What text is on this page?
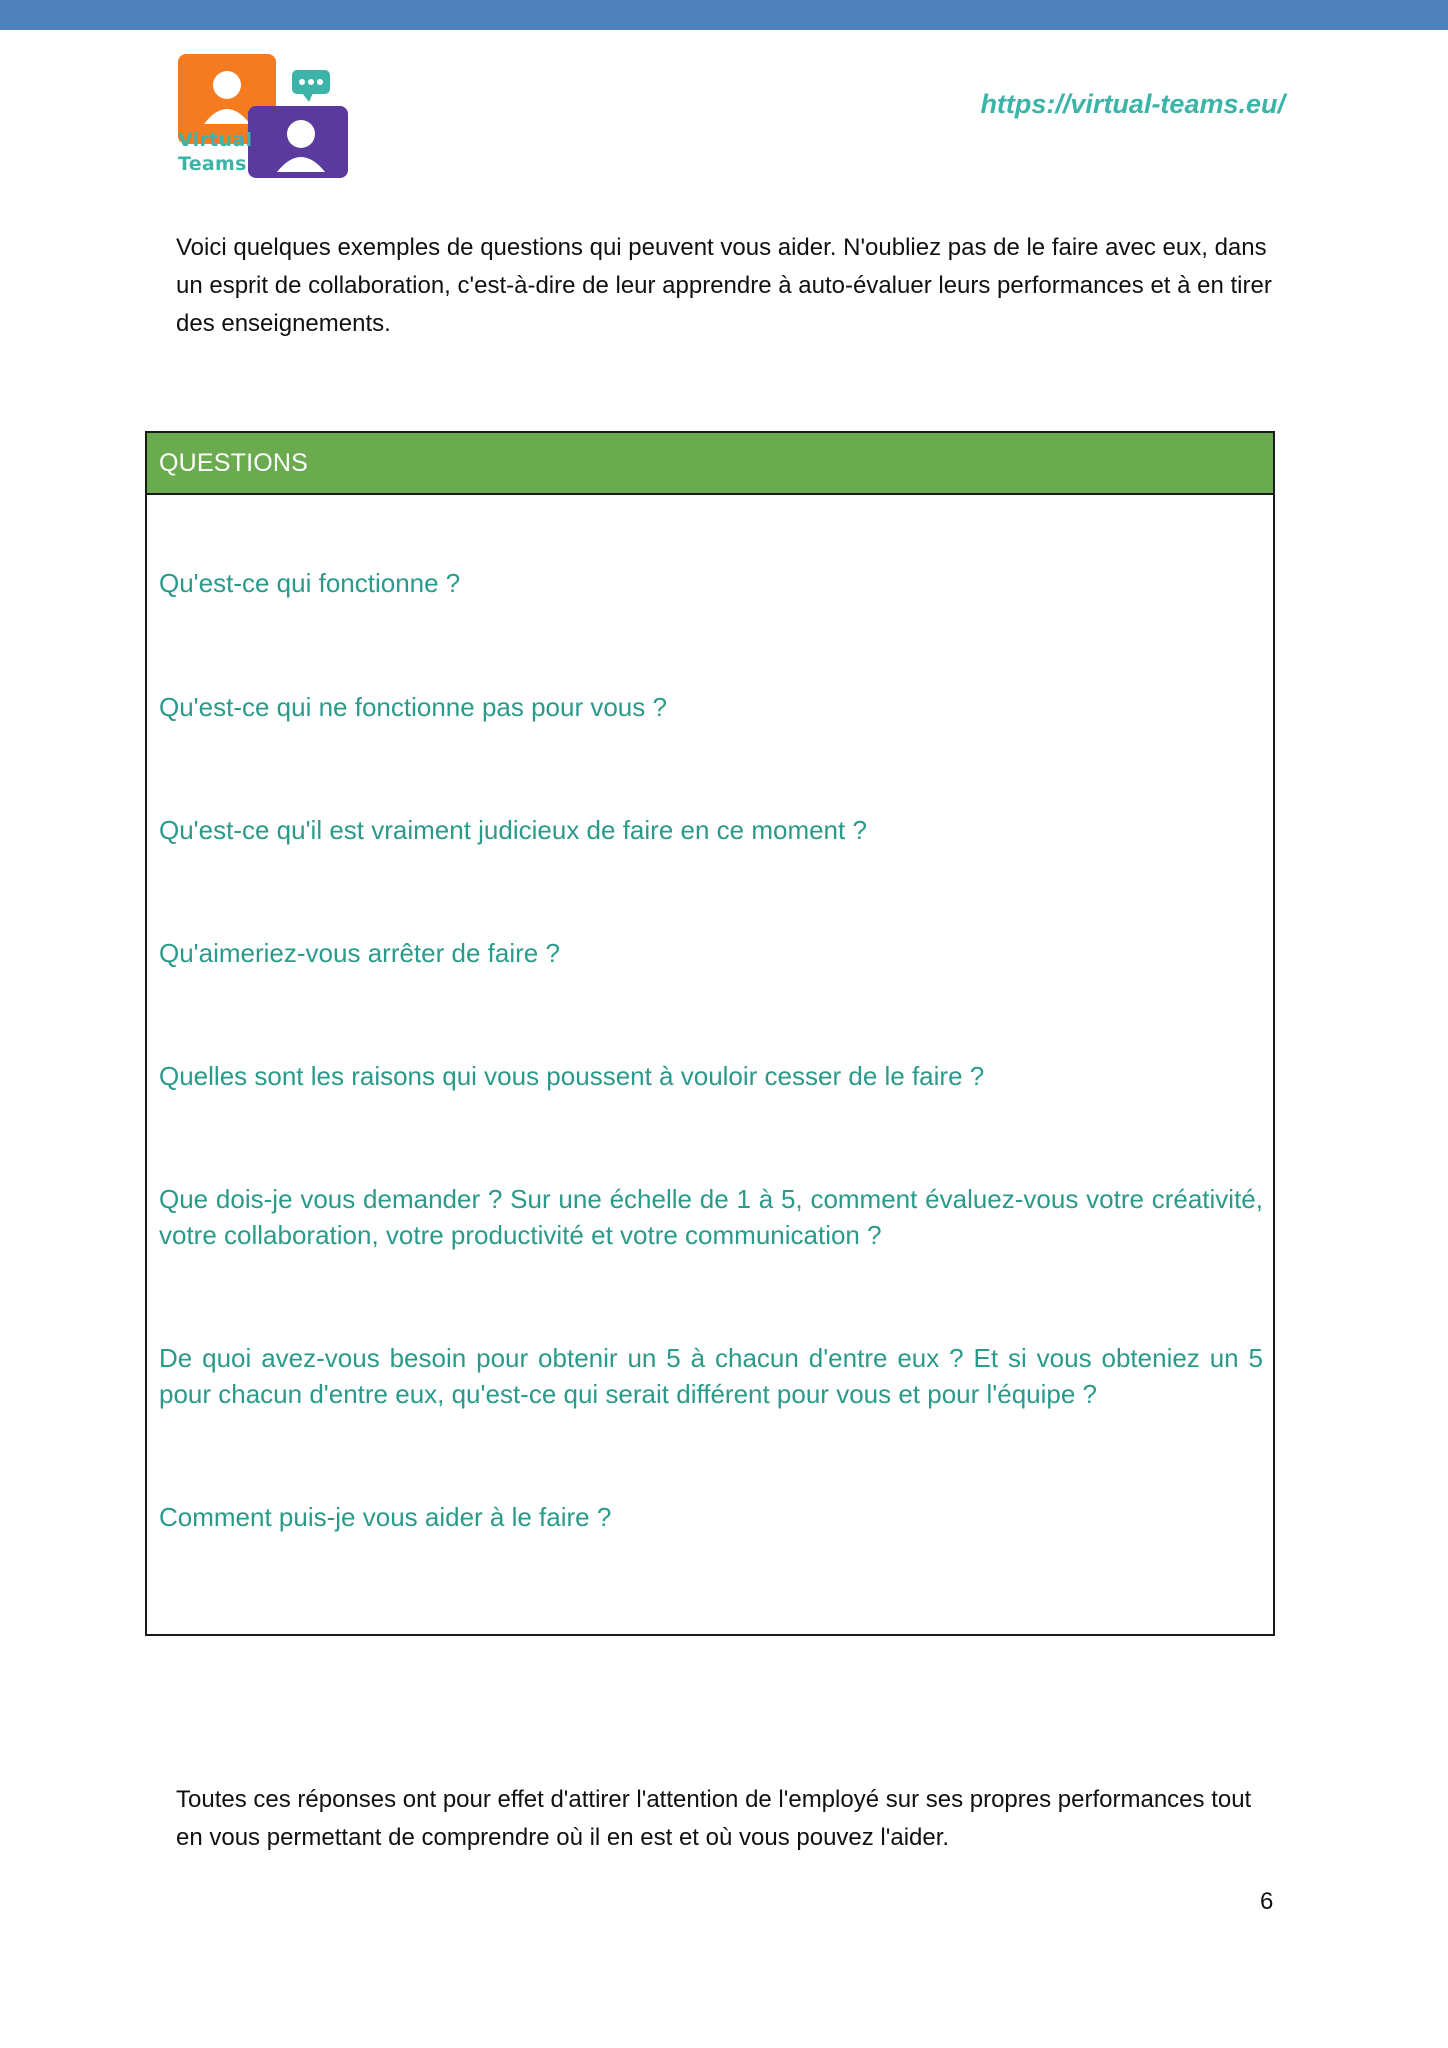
Virtual
Teams
https://virtual-teams.eu/

Voici quelques exemples de questions qui peuvent vous aider. N'oubliez pas de le faire avec eux, dans un esprit de collaboration, c'est-à-dire de leur apprendre à auto-évaluer leurs performances et à en tirer des enseignements.

QUESTIONS

Qu'est-ce qui fonctionne ?

Qu'est-ce qui ne fonctionne pas pour vous ?

Qu'est-ce qu'il est vraiment judicieux de faire en ce moment ?

Qu'aimeriez-vous arrêter de faire ?

Quelles sont les raisons qui vous poussent à vouloir cesser de le faire ?

Que dois-je vous demander ? Sur une échelle de 1 à 5, comment évaluez-vous votre créativité, votre collaboration, votre productivité et votre communication ?

De quoi avez-vous besoin pour obtenir un 5 à chacun d'entre eux ? Et si vous obteniez un 5 pour chacun d'entre eux, qu'est-ce qui serait différent pour vous et pour l'équipe ?

Comment puis-je vous aider à le faire ?

Toutes ces réponses ont pour effet d'attirer l'attention de l'employé sur ses propres performances tout en vous permettant de comprendre où il en est et où vous pouvez l'aider.

6
